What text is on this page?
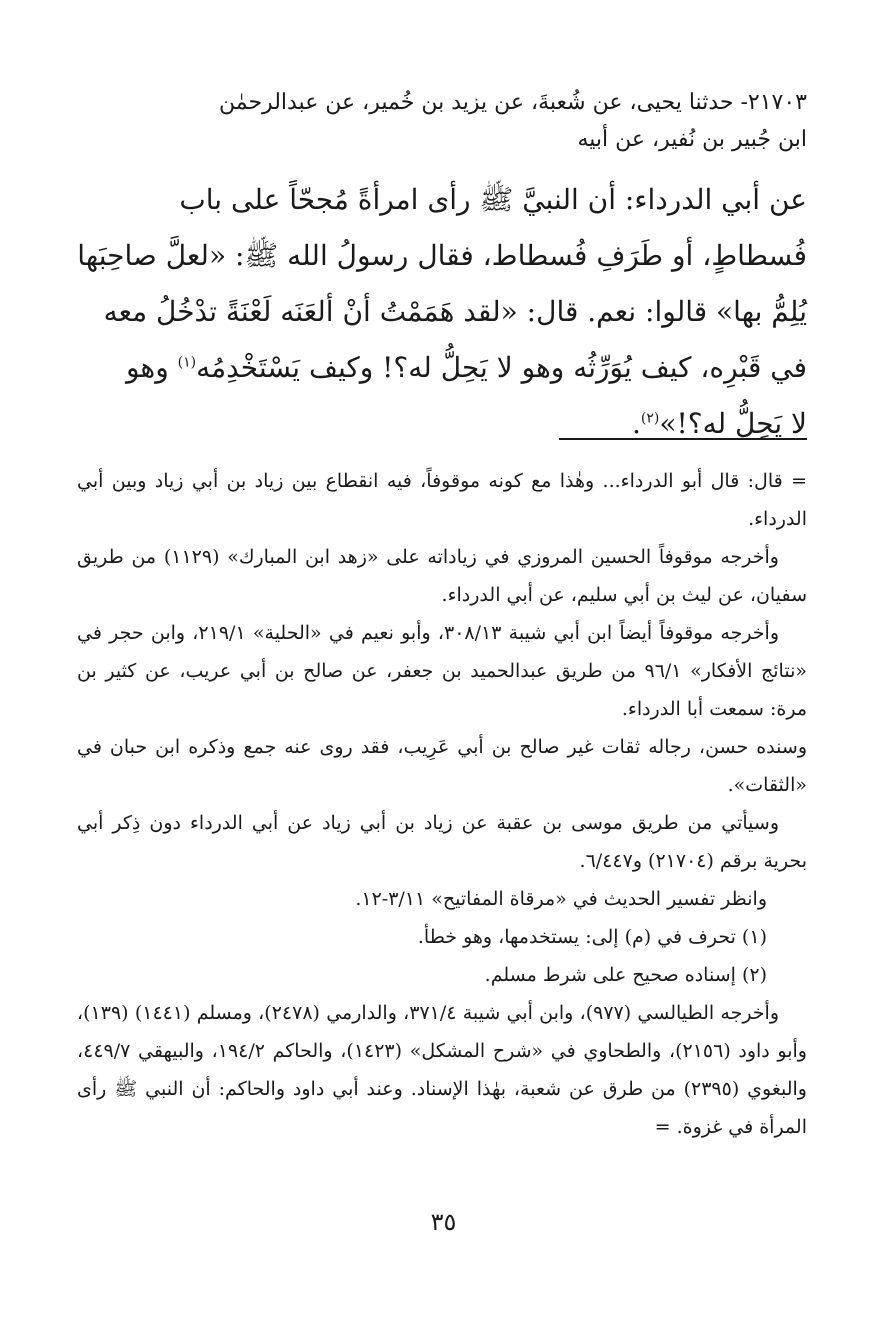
٢١٧٠٣- حدثنا يحيى، عن شُعبةَ، عن يزيد بن خُمير، عن عبدالرحمٰن
ابن جُبير بن نُفير، عن أبيه
عن أبي الدرداء: أن النبيَّ ﷺ رأى امرأةً مُجحّاً على باب
فُسطاطٍ، أو طَرَفِ فُسطاط، فقال رسولُ الله ﷺ: «لعلَّ صاحِبَها
يُلِمُّ بها» قالوا: نعم. قال: «لقد هَمَمْتُ أنْ ألعَنَه لَعْنَةً تدْخُلُ معه
في قَبْرِه، كيف يُوَرِّثُه وهو لا يَحِلُّ له؟! وكيف يَسْتَخْدِمُه$^{(١)}$ وهو
لا يَحِلُّ له؟!»$^{(٢)}$.

= قال: قال أبو الدرداء... وهٰذا مع كونه موقوفاً، فيه انقطاع بين زياد بن أبي زياد وبين أبي الدرداء.

وأخرجه موقوفاً الحسين المروزي في زياداته على «زهد ابن المبارك» (١١٢٩) من طريق سفيان، عن ليث بن أبي سليم، عن أبي الدرداء.

وأخرجه موقوفاً أيضاً ابن أبي شيبة ٣٠٨/١٣، وأبو نعيم في «الحلية» ٢١٩/١، وابن حجر في «نتائج الأفكار» ٩٦/١ من طريق عبدالحميد بن جعفر، عن صالح بن أبي عريب، عن كثير بن مرة: سمعت أبا الدرداء.

وسنده حسن، رجاله ثقات غير صالح بن أبي عَرِيب، فقد روى عنه جمع وذكره ابن حبان في «الثقات».

وسيأتي من طريق موسى بن عقبة عن زياد بن أبي زياد عن أبي الدرداء دون ذِكر أبي بحرية برقم (٢١٧٠٤) و٦/٤٤٧.

وانظر تفسير الحديث في «مرقاة المفاتيح» ٣/١١-١٢.

(١) تحرف في (م) إلى: يستخدمها، وهو خطأ.

(٢) إسناده صحيح على شرط مسلم.

وأخرجه الطيالسي (٩٧٧)، وابن أبي شيبة ٣٧١/٤، والدارمي (٢٤٧٨)، ومسلم (١٤٤١) (١٣٩)، وأبو داود (٢١٥٦)، والطحاوي في «شرح المشكل» (١٤٢٣)، والحاكم ١٩٤/٢، والبيهقي ٤٤٩/٧، والبغوي (٢٣٩٥) من طرق عن شعبة، بهٰذا الإسناد. وعند أبي داود والحاكم: أن النبي ﷺ رأى المرأة في غزوة. =

٣٥
